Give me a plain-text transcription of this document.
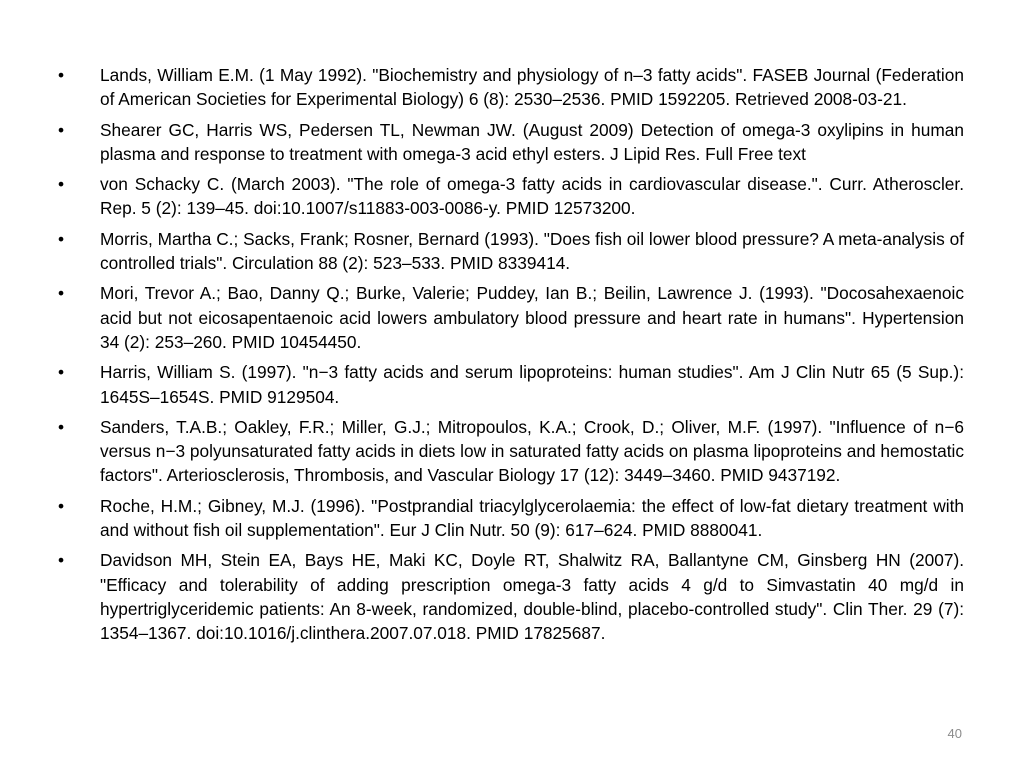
•	Lands, William E.M. (1 May 1992). "Biochemistry and physiology of n–3 fatty acids". FASEB Journal (Federation of American Societies for Experimental Biology) 6 (8): 2530–2536. PMID 1592205. Retrieved 2008-03-21.
•	Shearer GC, Harris WS, Pedersen TL, Newman JW. (August 2009) Detection of omega-3 oxylipins in human plasma and response to treatment with omega-3 acid ethyl esters. J Lipid Res. Full Free text
•	von Schacky C. (March 2003). "The role of omega-3 fatty acids in cardiovascular disease.". Curr. Atheroscler. Rep. 5 (2): 139–45. doi:10.1007/s11883-003-0086-y. PMID 12573200.
•	Morris, Martha C.; Sacks, Frank; Rosner, Bernard (1993). "Does fish oil lower blood pressure? A meta-analysis of controlled trials". Circulation 88 (2): 523–533. PMID 8339414.
•	Mori, Trevor A.; Bao, Danny Q.; Burke, Valerie; Puddey, Ian B.; Beilin, Lawrence J. (1993). "Docosahexaenoic acid but not eicosapentaenoic acid lowers ambulatory blood pressure and heart rate in humans". Hypertension 34 (2): 253–260. PMID 10454450.
•	Harris, William S. (1997). "n−3 fatty acids and serum lipoproteins: human studies". Am J Clin Nutr 65 (5 Sup.): 1645S–1654S. PMID 9129504.
•	Sanders, T.A.B.; Oakley, F.R.; Miller, G.J.; Mitropoulos, K.A.; Crook, D.; Oliver, M.F. (1997). "Influence of n−6 versus n−3 polyunsaturated fatty acids in diets low in saturated fatty acids on plasma lipoproteins and hemostatic factors". Arteriosclerosis, Thrombosis, and Vascular Biology 17 (12): 3449–3460. PMID 9437192.
•	Roche, H.M.; Gibney, M.J. (1996). "Postprandial triacylglycerolaemia: the effect of low-fat dietary treatment with and without fish oil supplementation". Eur J Clin Nutr. 50 (9): 617–624. PMID 8880041.
•	Davidson MH, Stein EA, Bays HE, Maki KC, Doyle RT, Shalwitz RA, Ballantyne CM, Ginsberg HN (2007). "Efficacy and tolerability of adding prescription omega-3 fatty acids 4 g/d to Simvastatin 40 mg/d in hypertriglyceridemic patients: An 8-week, randomized, double-blind, placebo-controlled study". Clin Ther. 29 (7): 1354–1367. doi:10.1016/j.clinthera.2007.07.018. PMID 17825687.
40
